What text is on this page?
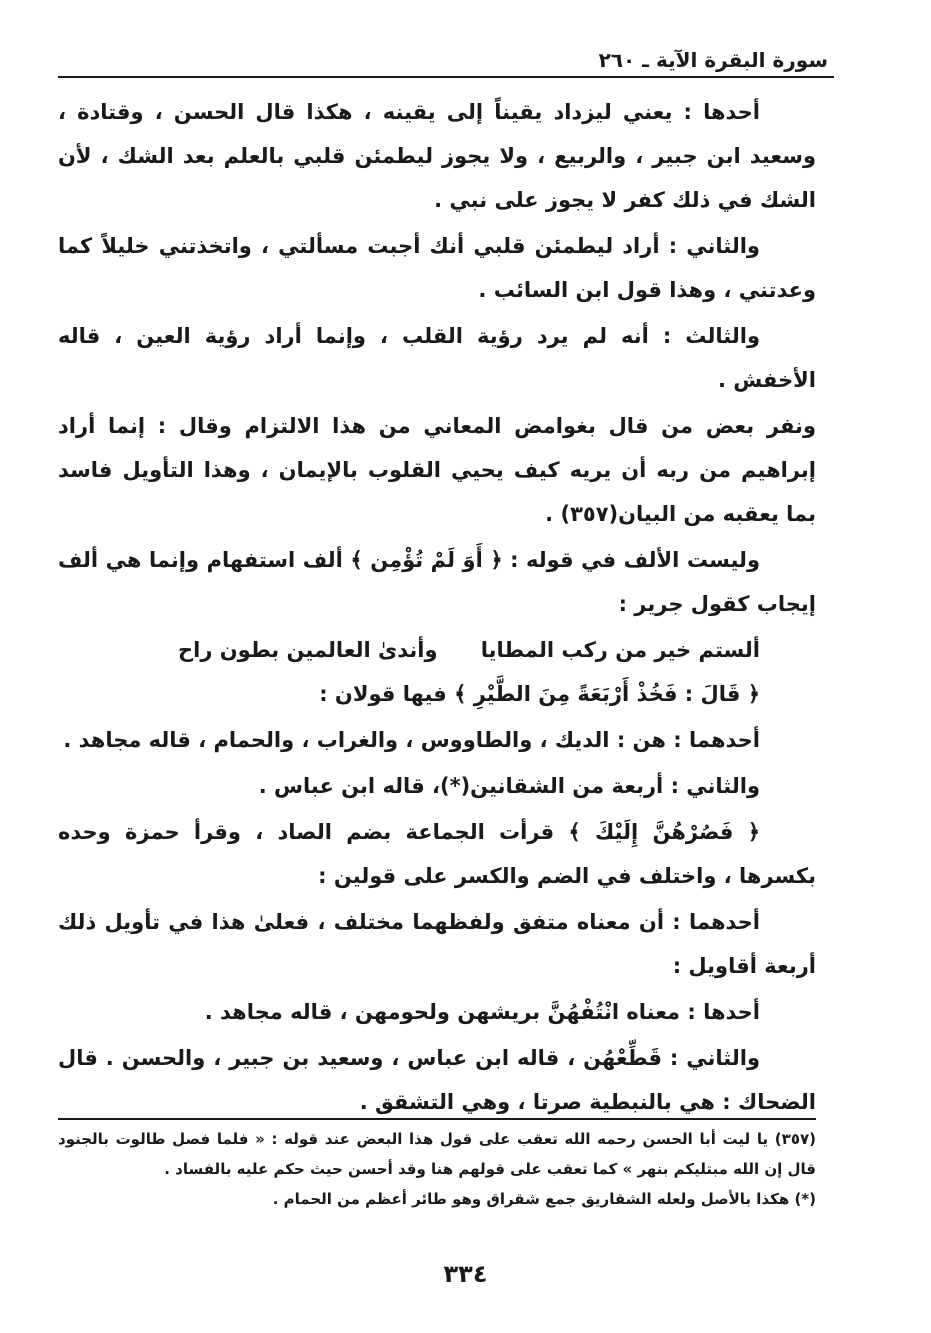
سورة البقرة الآية ـ ٢٦٠

أحدها : يعني ليزداد يقيناً إلى يقينه ، هكذا قال الحسن ، وقتادة ، وسعيد ابن جبير ، والربيع ، ولا يجوز ليطمئن قلبي بالعلم بعد الشك ، لأن الشك في ذلك كفر لا يجوز على نبي .

والثاني : أراد ليطمئن قلبي أنك أجبت مسألتي ، واتخذتني خليلاً كما وعدتني ، وهذا قول ابن السائب .

والثالث : أنه لم يرد رؤية القلب ، وإنما أراد رؤية العين ، قاله الأخفش .

ونفر بعض من قال بغوامض المعاني من هذا الالتزام وقال : إنما أراد إبراهيم من ربه أن يريه كيف يحيي القلوب بالإيمان ، وهذا التأويل فاسد بما يعقبه من البيان(٣٥٧) .

وليست الألف في قوله : ﴿ أَوَ لَمْ تُؤْمِن ﴾ ألف استفهام وإنما هي ألف إيجاب كقول جرير :

ألستم خير من ركب المطايا
وأندىٰ العالمين بطون راح

﴿ قَالَ : فَخُذْ أَرْبَعَةً مِنَ الطَّيْرِ ﴾ فيها قولان :

أحدهما : هن : الديك ، والطاووس ، والغراب ، والحمام ، قاله مجاهد .

والثاني : أربعة من الشقانين(*)، قاله ابن عباس .

﴿ فَصُرْهُنَّ إِلَيْكَ ﴾ قرأت الجماعة بضم الصاد ، وقرأ حمزة وحده بكسرها ، واختلف في الضم والكسر على قولين :

أحدهما : أن معناه متفق ولفظهما مختلف ، فعلىٰ هذا في تأويل ذلك أربعة أقاويل :

أحدها : معناه انْتُفْهُنَّ بريشهن ولحومهن ، قاله مجاهد .

والثاني : قَطِّعْهُن ، قاله ابن عباس ، وسعيد بن جبير ، والحسن . قال الضحاك : هي بالنبطية صرتا ، وهي التشقق .

(٣٥٧) يا ليت أبا الحسن رحمه الله تعقب على قول هذا البعض عند قوله : « فلما فصل طالوت بالجنود قال إن الله مبتليكم بنهر » كما تعقب على قولهم هنا وقد أحسن حيث حكم عليه بالفساد .

(*) هكذا بالأصل ولعله الشقاريق جمع شقراق وهو طائر أعظم من الحمام .

٣٣٤
